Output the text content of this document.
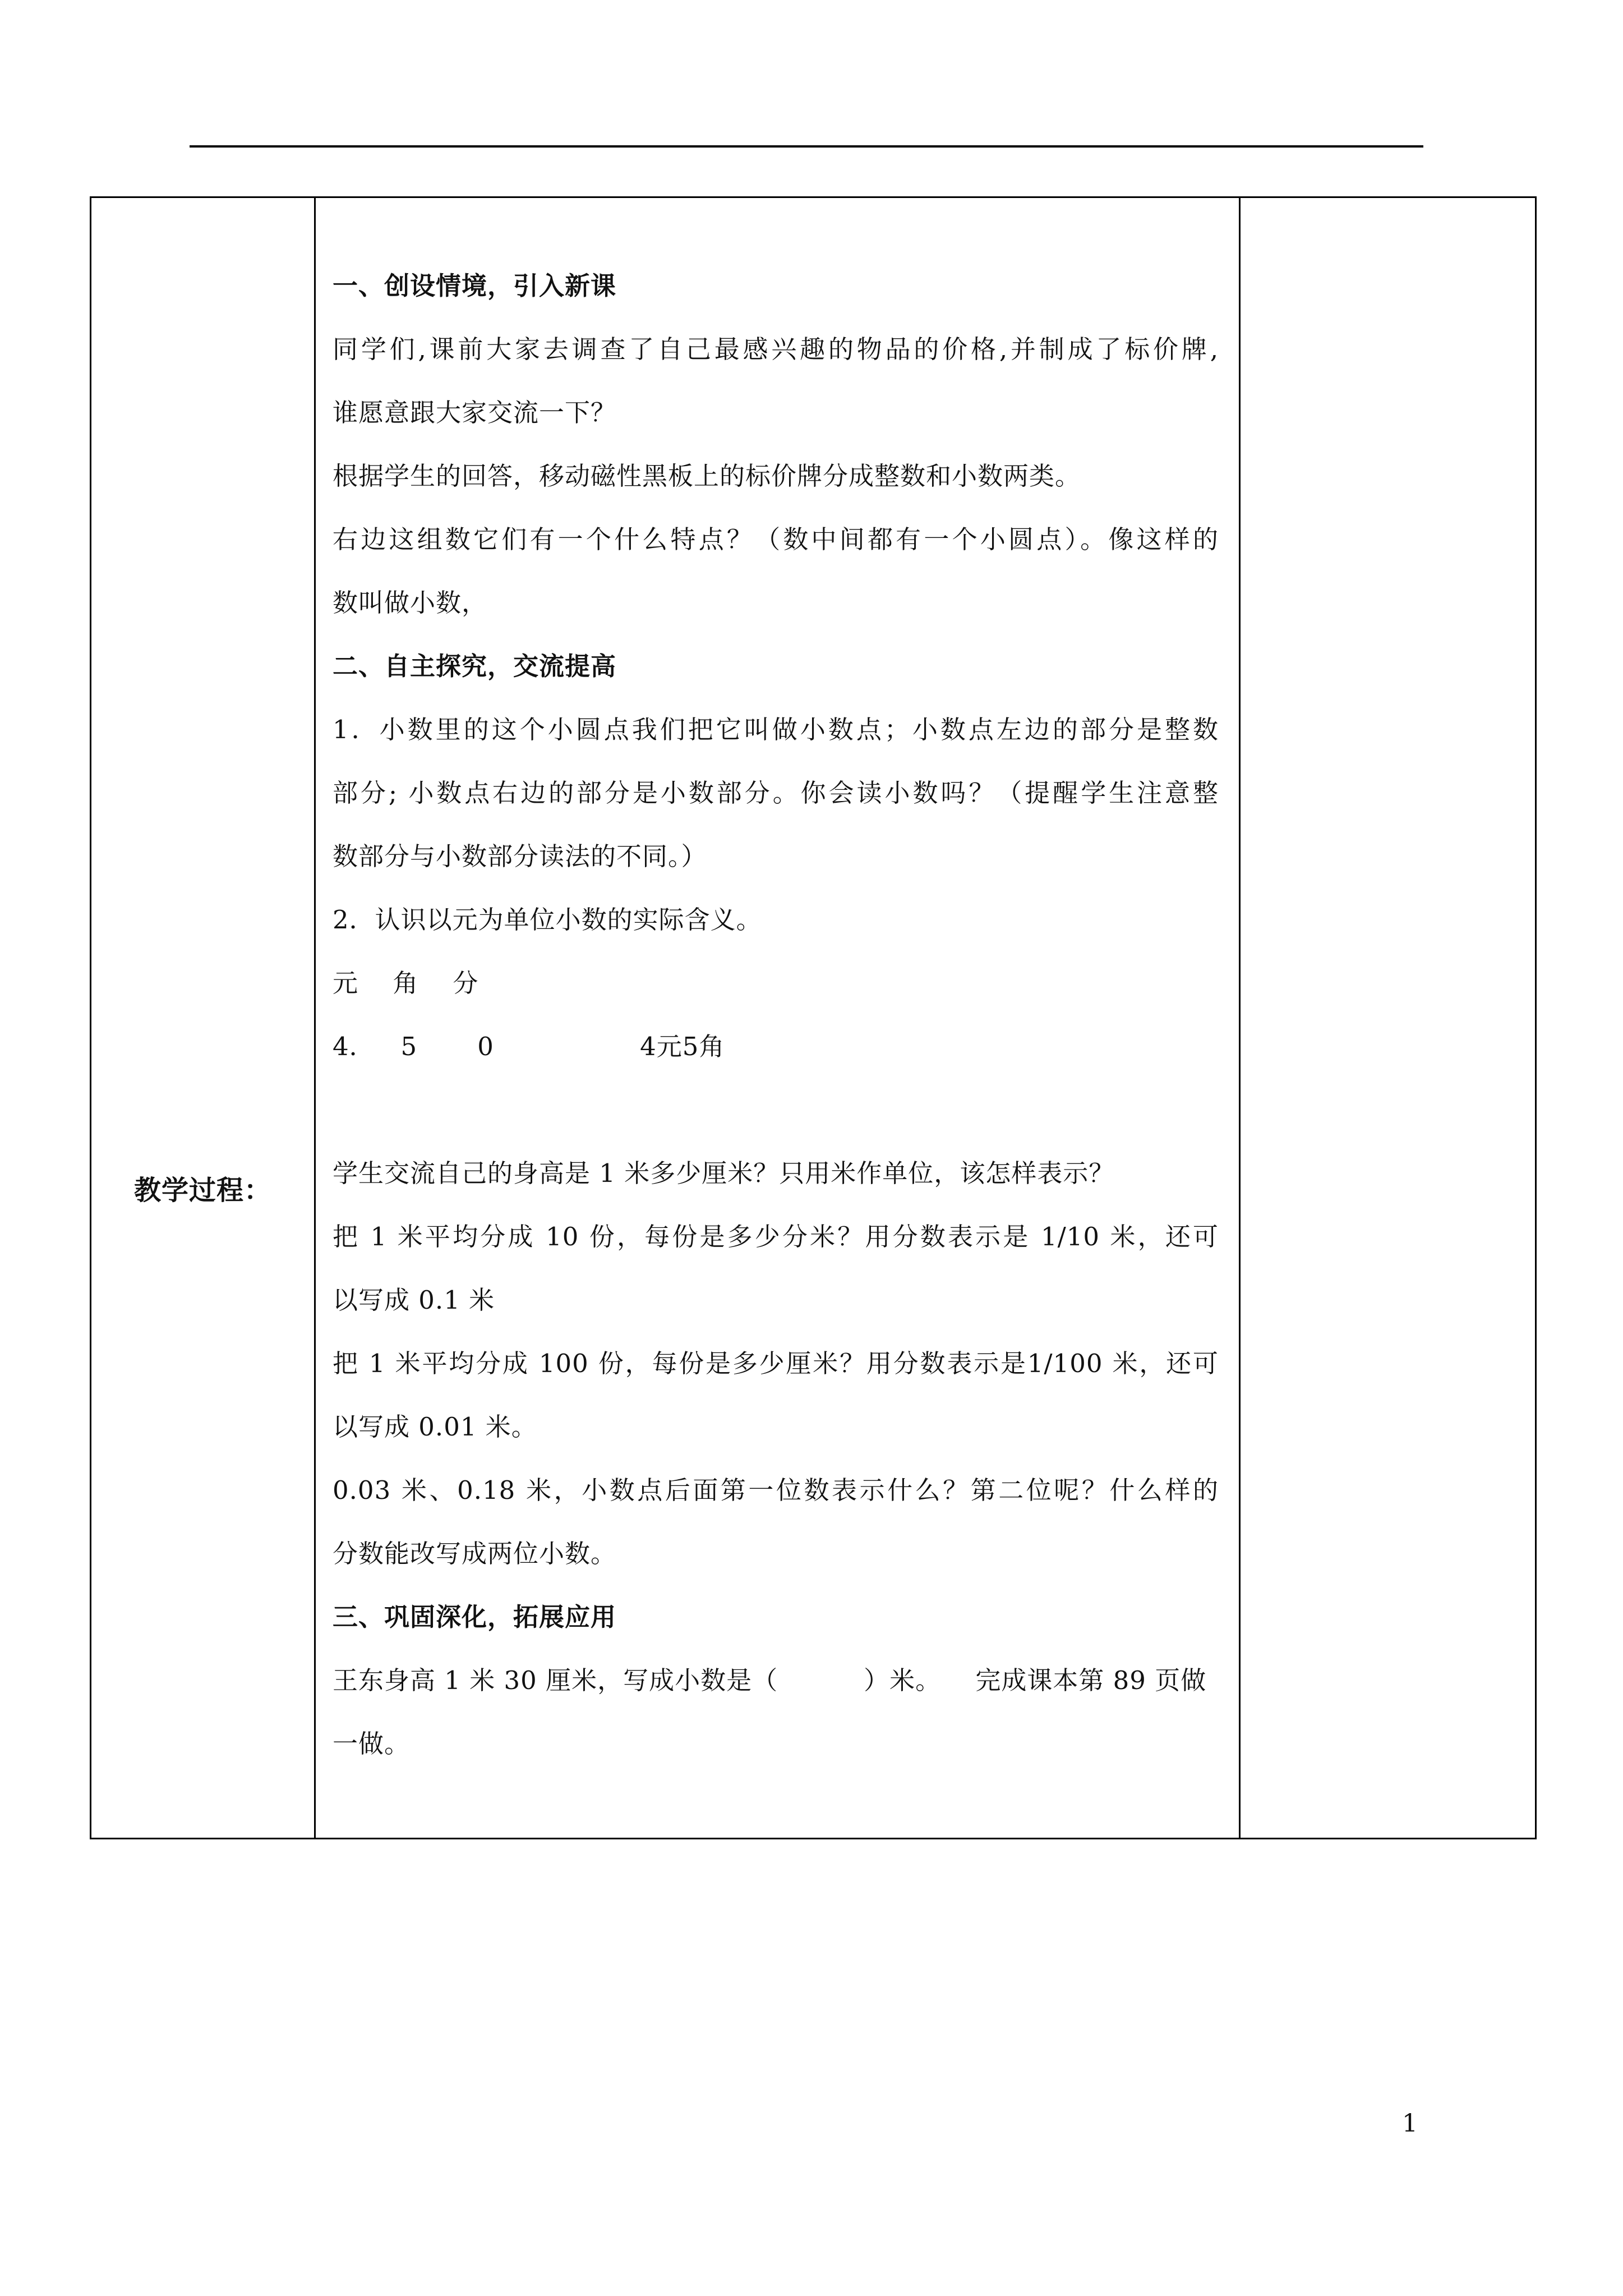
教学过程：
一、创设情境，引入新课
同学们,课前大家去调查了自己最感兴趣的物品的价格,并制成了标价牌,
谁愿意跟大家交流一下？
根据学生的回答，移动磁性黑板上的标价牌分成整数和小数两类。
右边这组数它们有一个什么特点？（数中间都有一个小圆点）。像这样的
数叫做小数，
二、自主探究，交流提高
1．小数里的这个小圆点我们把它叫做小数点；小数点左边的部分是整数
部分; 小数点右边的部分是小数部分。你会读小数吗？（提醒学生注意整
数部分与小数部分读法的不同。）
2．认识以元为单位小数的实际含义。
元    角    分
4．   5       0                 4元5角
学生交流自己的身高是 1 米多少厘米？只用米作单位，该怎样表示？
把 1 米平均分成 10 份，每份是多少分米？用分数表示是 1/10 米，还可
以写成 0.1 米
把 1 米平均分成 100 份，每份是多少厘米？用分数表示是1/100 米，还可
以写成 0.01 米。
0.03 米、0.18 米，小数点后面第一位数表示什么？第二位呢？什么样的
分数能改写成两位小数。
三、巩固深化，拓展应用
王东身高 1 米 30 厘米，写成小数是（          ）米。    完成课本第 89 页做
一做。
1
